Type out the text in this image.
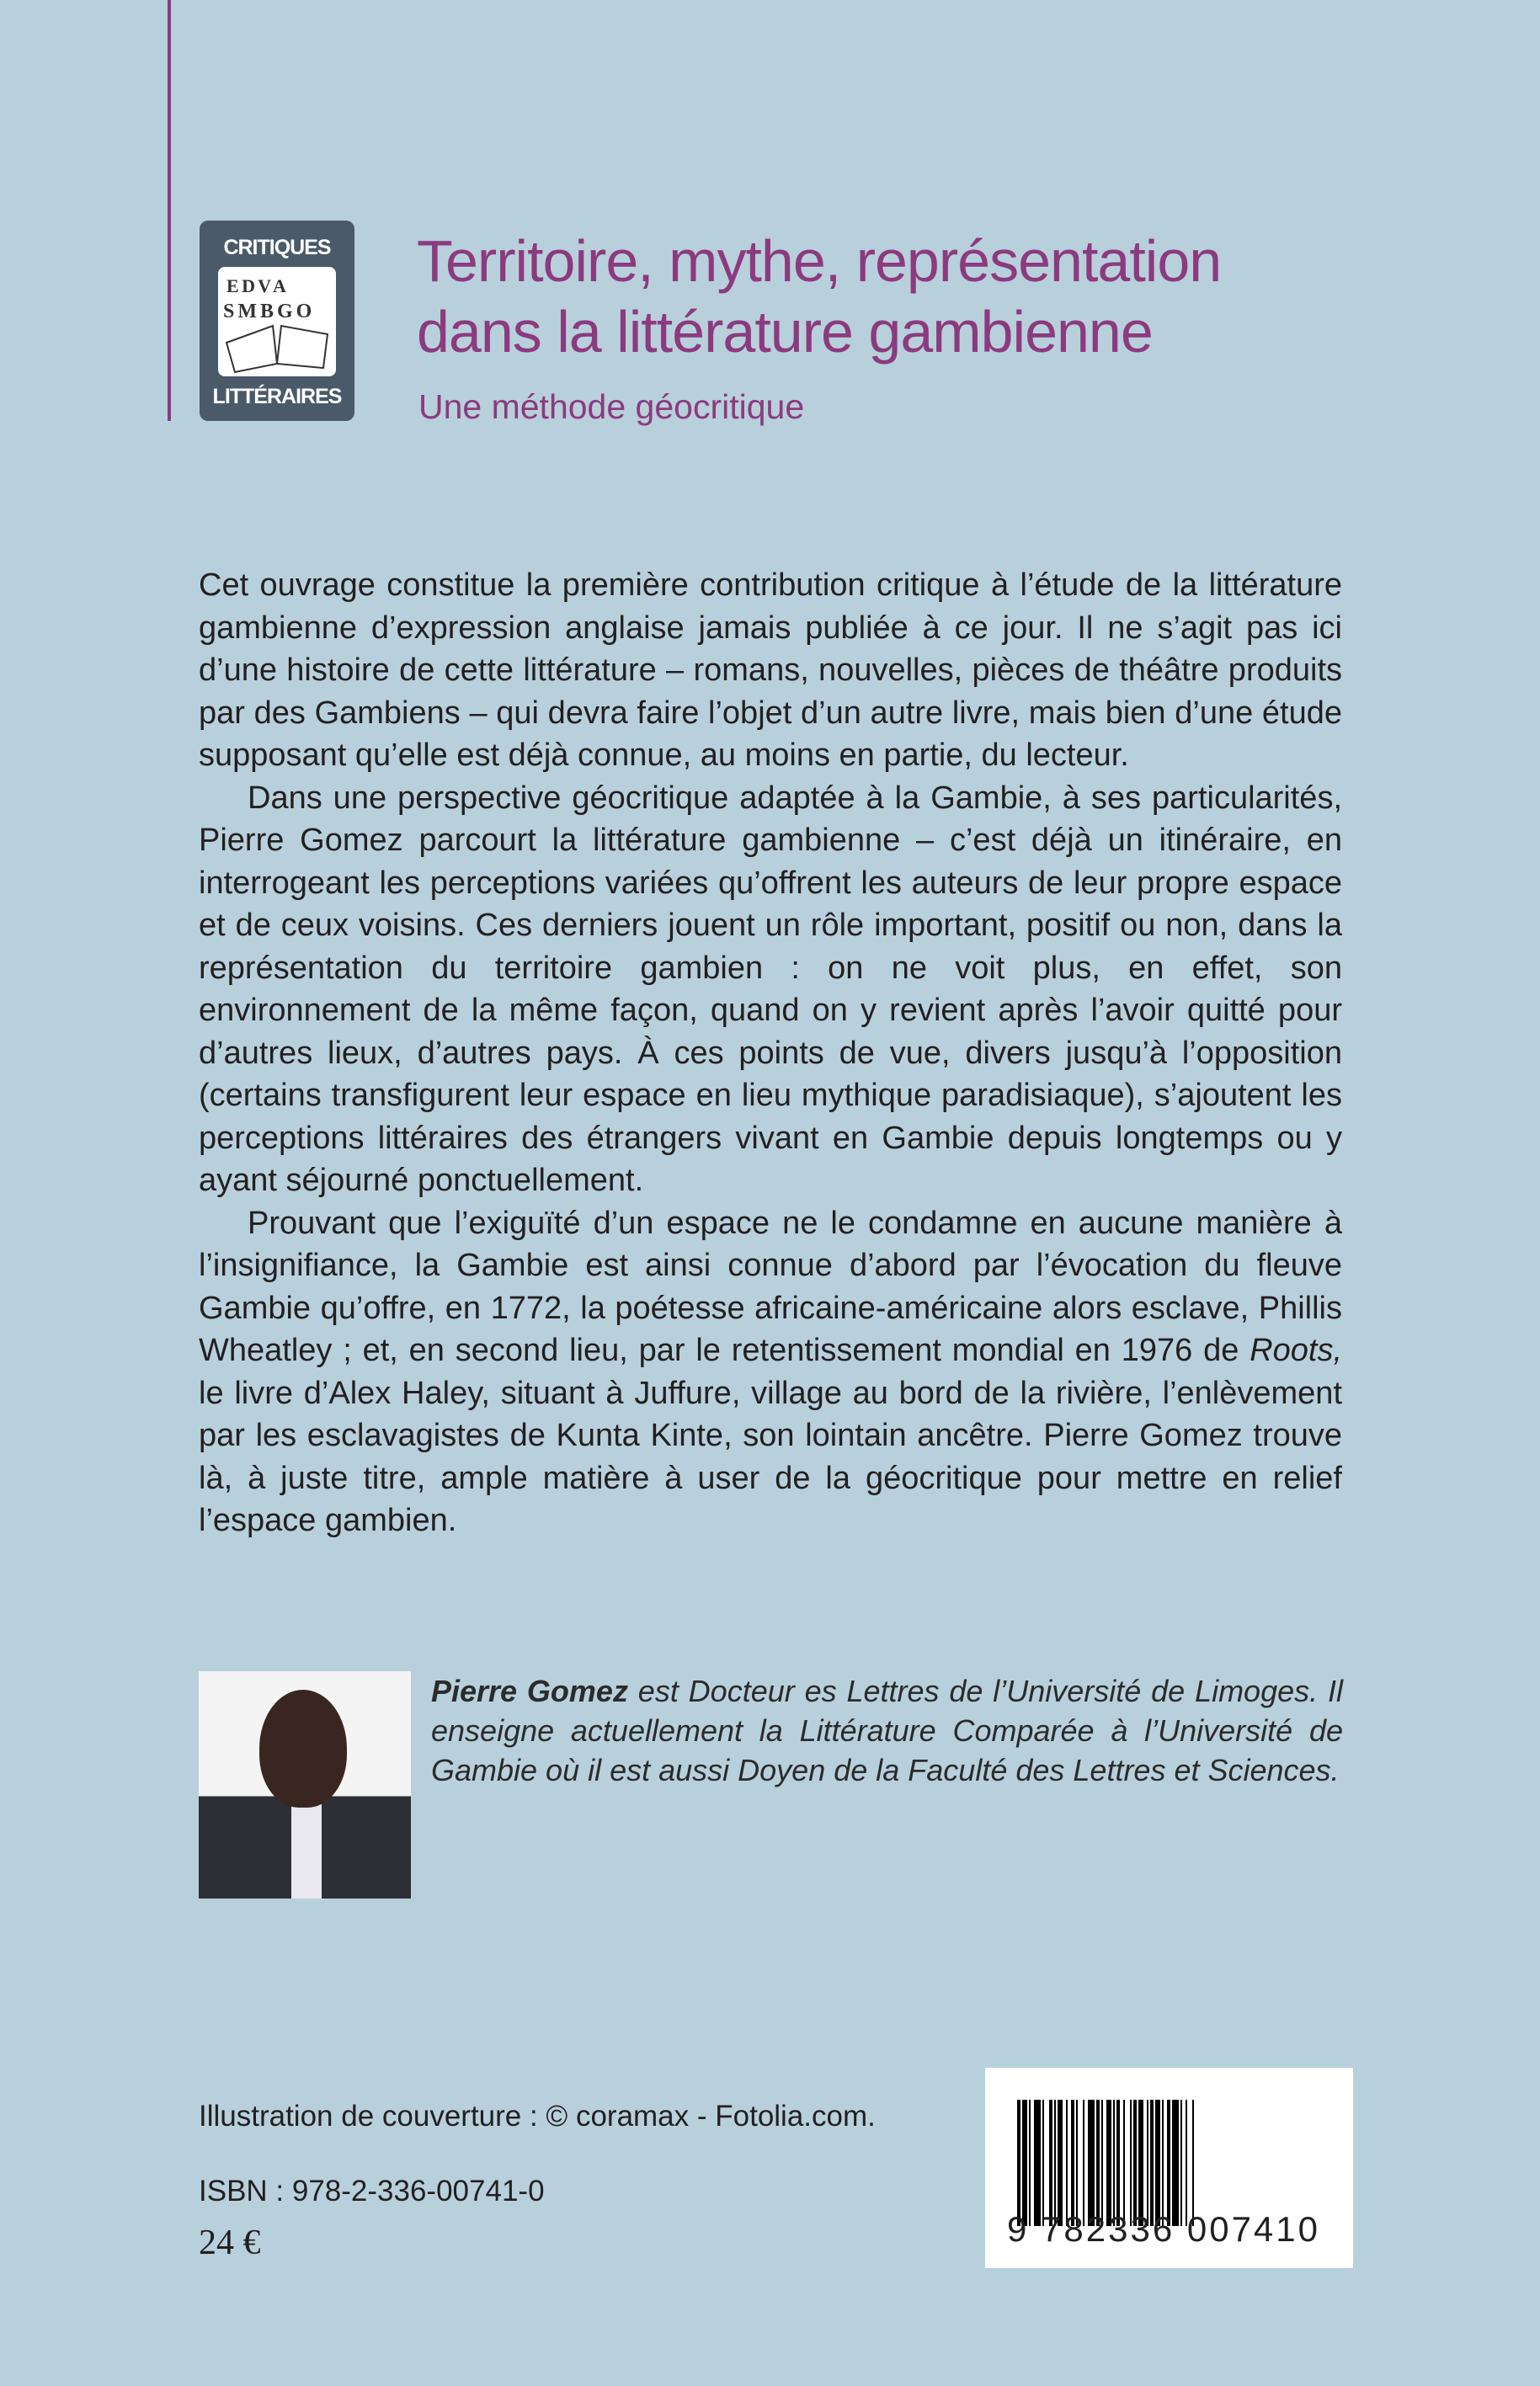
CRITIQUES
E D V A
S M B G O
LITTÉRAIRES
Territoire, mythe, représentation
dans la littérature gambienne
Une méthode géocritique

Cet ouvrage constitue la première contribution critique à l’étude de la littérature gambienne d’expression anglaise jamais publiée à ce jour. Il ne s’agit pas ici d’une histoire de cette littérature – romans, nouvelles, pièces de théâtre produits par des Gambiens – qui devra faire l’objet d’un autre livre, mais bien d’une étude supposant qu’elle est déjà connue, au moins en partie, du lecteur.

Dans une perspective géocritique adaptée à la Gambie, à ses particularités, Pierre Gomez parcourt la littérature gambienne – c’est déjà un itinéraire, en interrogeant les perceptions variées qu’offrent les auteurs de leur propre espace et de ceux voisins. Ces derniers jouent un rôle important, positif ou non, dans la représentation du territoire gambien : on ne voit plus, en effet, son environnement de la même façon, quand on y revient après l’avoir quitté pour d’autres lieux, d’autres pays. À ces points de vue, divers jusqu’à l’opposition (certains transfigurent leur espace en lieu mythique paradisiaque), s’ajoutent les perceptions littéraires des étrangers vivant en Gambie depuis longtemps ou y ayant séjourné ponctuellement.

Prouvant que l’exiguïté d’un espace ne le condamne en aucune manière à l’insignifiance, la Gambie est ainsi connue d’abord par l’évocation du fleuve Gambie qu’offre, en 1772, la poétesse africaine-américaine alors esclave, Phillis Wheatley ; et, en second lieu, par le retentissement mondial en 1976 de Roots, le livre d’Alex Haley, situant à Juffure, village au bord de la rivière, l’enlèvement par les esclavagistes de Kunta Kinte, son lointain ancêtre. Pierre Gomez trouve là, à juste titre, ample matière à user de la géocritique pour mettre en relief l’espace gambien.

Pierre Gomez est Docteur es Lettres de l’Université de Limoges. Il enseigne actuellement la Littérature Comparée à l’Université de Gambie où il est aussi Doyen de la Faculté des Lettres et Sciences.
Illustration de couverture : © coramax - Fotolia.com.
ISBN : 978-2-336-00741-0
24 €	9 782336 007410
